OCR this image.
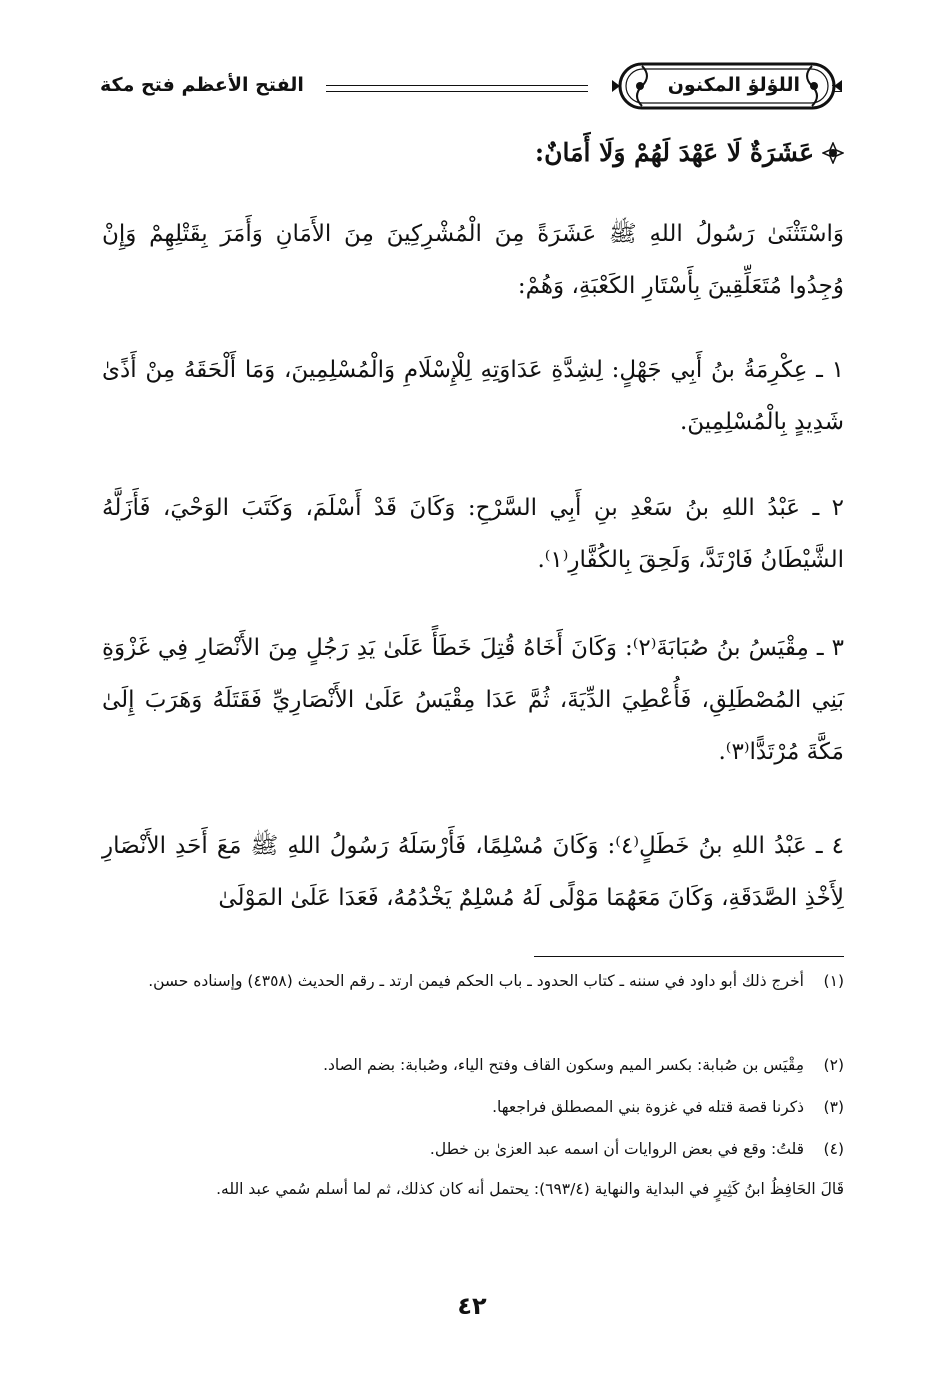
اللؤلؤ المكنون
الفتح الأعظم فتح مكة
عَشَرَةٌ لَا عَهْدَ لَهُمْ وَلَا أَمَانٌ:
وَاسْتَثْنَىٰ رَسُولُ اللهِ ﷺ عَشَرَةً مِنَ الْمُشْرِكِينَ مِنَ الأَمَانِ وَأَمَرَ بِقَتْلِهِمْ وَإِنْ وُجِدُوا مُتَعَلِّقِينَ بِأَسْتَارِ الكَعْبَةِ، وَهُمْ:
١ ـ عِكْرِمَةُ بنُ أَبِي جَهْلٍ: لِشِدَّةِ عَدَاوَتِهِ لِلْإِسْلَامِ وَالْمُسْلِمِينَ، وَمَا أَلْحَقَهُ مِنْ أَذًىٰ شَدِيدٍ بِالْمُسْلِمِينَ.
٢ ـ عَبْدُ اللهِ بنُ سَعْدِ بنِ أَبِي السَّرْحِ: وَكَانَ قَدْ أَسْلَمَ، وَكَتَبَ الوَحْيَ، فَأَزَلَّهُ الشَّيْطَانُ فَارْتَدَّ، وَلَحِقَ بِالكُفَّارِ⁽١⁾.
٣ ـ مِقْيَسُ بنُ صُبَابَةَ⁽٢⁾: وَكَانَ أَخَاهُ قُتِلَ خَطَأً عَلَىٰ يَدِ رَجُلٍ مِنَ الأَنْصَارِ فِي غَزْوَةِ بَنِي المُصْطَلِقِ، فَأُعْطِيَ الدِّيَةَ، ثُمَّ عَدَا مِقْيَسُ عَلَىٰ الأَنْصَارِيِّ فَقَتَلَهُ وَهَرَبَ إِلَىٰ مَكَّةَ مُرْتَدًّا⁽٣⁾.
٤ ـ عَبْدُ اللهِ بنُ خَطَلٍ⁽٤⁾: وَكَانَ مُسْلِمًا، فَأَرْسَلَهُ رَسُولُ اللهِ ﷺ مَعَ أَحَدِ الأَنْصَارِ لِأَخْذِ الصَّدَقَةِ، وَكَانَ مَعَهُمَا مَوْلًى لَهُ مُسْلِمٌ يَخْدُمُهُ، فَعَدَا عَلَىٰ المَوْلَىٰ
(١)أخرج ذلك أبو داود في سننه ـ كتاب الحدود ـ باب الحكم فيمن ارتد ـ رقم الحديث (٤٣٥٨) وإسناده حسن.
(٢)مِقْيَس بن صُبابة: بكسر الميم وسكون القاف وفتح الياء، وصُبابة: بضم الصاد.
(٣)ذكرنا قصة قتله في غزوة بني المصطلق فراجعها.
(٤)قلتُ: وقع في بعض الروايات أن اسمه عبد العزىٰ بن خطل.
قَالَ الحَافِظُ ابنُ كَثِيرٍ في البداية والنهاية (٦٩٣/٤): يحتمل أنه كان كذلك، ثم لما أسلم سُمي عبد الله.
٤٢
